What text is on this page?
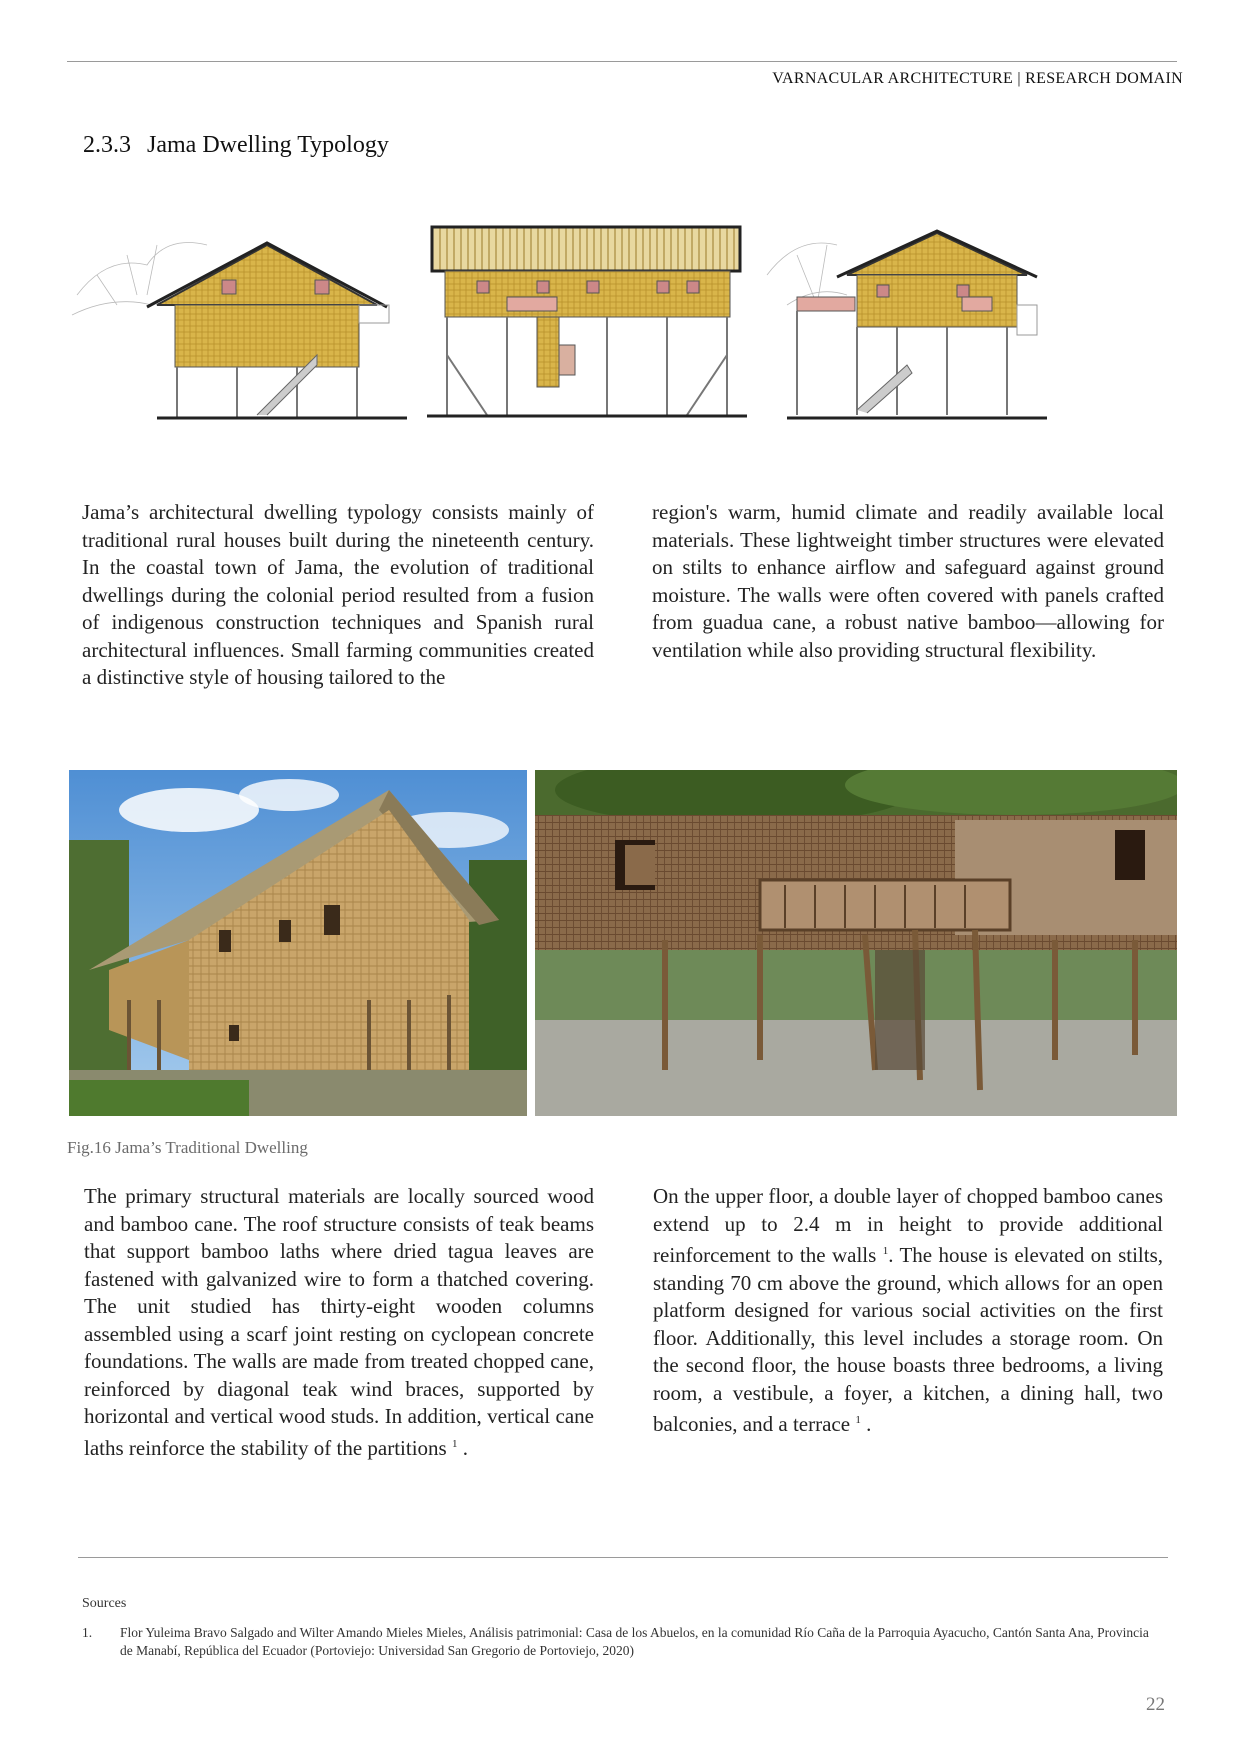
VARNACULAR ARCHITECTURE | RESEARCH DOMAIN
2.3.3 Jama Dwelling Typology
Jama’s architectural dwelling typology consists mainly of traditional rural houses built during the nineteenth century. In the coastal town of Jama, the evolution of traditional dwellings during the colonial period resulted from a fusion of indigenous construction techniques and Spanish rural architectural influences. Small farming communities created a distinctive style of housing tailored to the
region's warm, humid climate and readily available local materials. These lightweight timber structures were elevated on stilts to enhance airflow and safeguard against ground moisture. The walls were often covered with panels crafted from guadua cane, a robust native bamboo—allowing for ventilation while also providing structural flexibility.
Fig.16 Jama’s Traditional Dwelling
The primary structural materials are locally sourced wood and bamboo cane. The roof structure consists of teak beams that support bamboo laths where dried tagua leaves are fastened with galvanized wire to form a thatched covering. The unit studied has thirty-eight wooden columns assembled using a scarf joint resting on cyclopean concrete foundations. The walls are made from treated chopped cane, reinforced by diagonal teak wind braces, supported by horizontal and vertical wood studs. In addition, vertical cane laths reinforce the stability of the partitions $^1$ .
On the upper floor, a double layer of chopped bamboo canes extend up to 2.4 m in height to provide additional reinforcement to the walls $^1$. The house is elevated on stilts, standing 70 cm above the ground, which allows for an open platform designed for various social activities on the first floor. Additionally, this level includes a storage room. On the second floor, the house boasts three bedrooms, a living room, a vestibule, a foyer, a kitchen, a dining hall, two balconies, and a terrace $^1$ .
Sources
1. Flor Yuleima Bravo Salgado and Wilter Amando Mieles Mieles, Análisis patrimonial: Casa de los Abuelos, en la comunidad Río Caña de la Parroquia Ayacucho, Cantón Santa Ana, Provincia de Manabí, República del Ecuador (Portoviejo: Universidad San Gregorio de Portoviejo, 2020)
22
